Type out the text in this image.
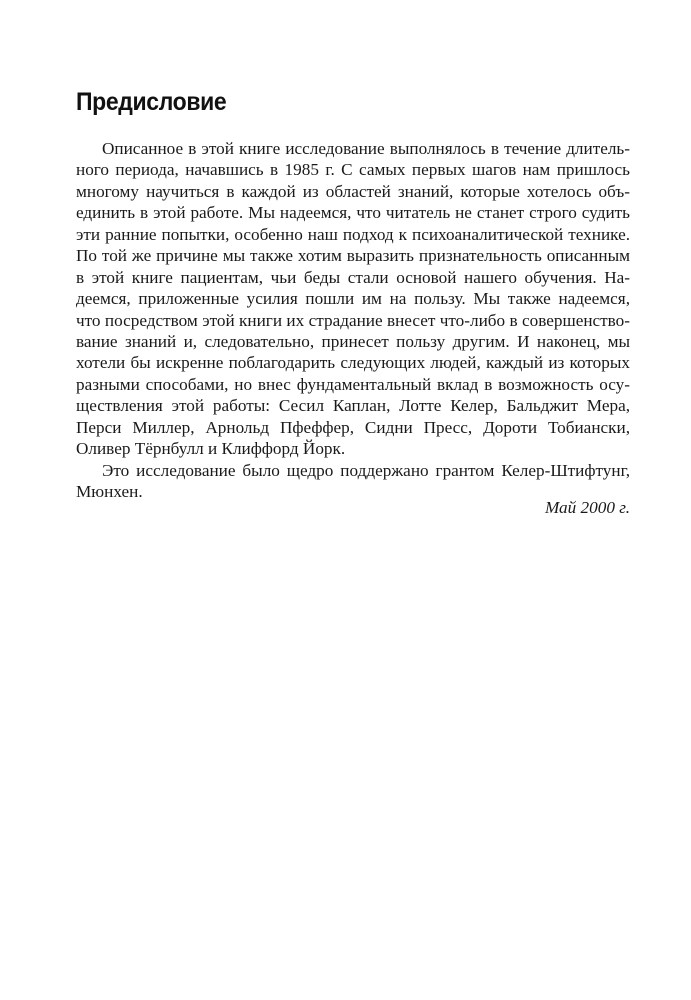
Предисловие
Описанное в этой книге исследование выполнялось в течение длитель-
ного периода, начавшись в 1985 г. С самых первых шагов нам пришлось
многому научиться в каждой из областей знаний, которые хотелось объ-
единить в этой работе. Мы надеемся, что читатель не станет строго судить
эти ранние попытки, особенно наш подход к психоаналитической технике.
По той же причине мы также хотим выразить признательность описанным
в этой книге пациентам, чьи беды стали основой нашего обучения. На-
деемся, приложенные усилия пошли им на пользу. Мы также надеемся,
что посредством этой книги их страдание внесет что-либо в совершенство-
вание знаний и, следовательно, принесет пользу другим. И наконец, мы
хотели бы искренне поблагодарить следующих людей, каждый из которых
разными способами, но внес фундаментальный вклад в возможность осу-
ществления этой работы: Сесил Каплан, Лотте Келер, Бальджит Мера,
Перси Миллер, Арнольд Пфеффер, Сидни Пресс, Дороти Тобиански,
Оливер Тёрнбулл и Клиффорд Йорк.
Это исследование было щедро поддержано грантом Келер-Штифтунг,
Мюнхен.
Май 2000 г.
